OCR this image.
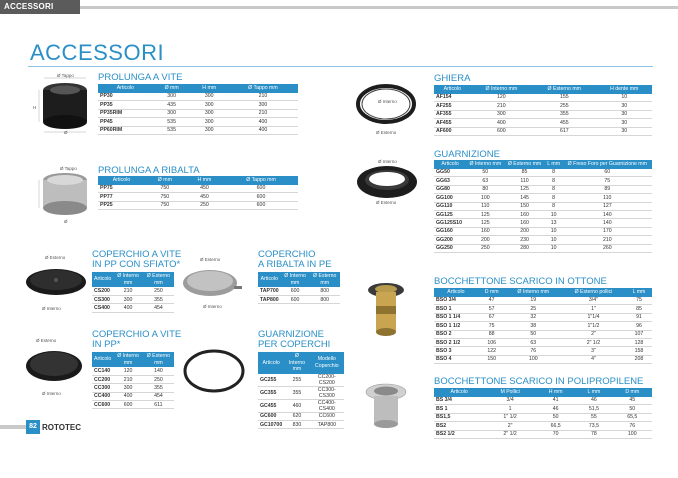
ACCESSORI
ACCESSORI
Ø Tappo
H
Ø
PROLUNGA A VITE
Articolo	Ø mm	H mm	Ø Tappo mm
PP30	300	300	210
PP35	435	300	300
PP35RIM	300	300	210
PP45	535	300	400
PP60RIM	535	300	400
Ø Tappo
Ø
PROLUNGA A RIBALTA
Articolo	Ø mm	H mm	Ø Tappo mm
PP75	750	450	600
PP77	750	450	600
PP25	750	250	600
Ø Esterno
Ø Interno
COPERCHIO A VITE
IN PP CON SFIATO*
Articolo	Ø Interno mm	Ø Esterno mm
CS200	210	250
CS300	300	355
CS400	400	454
Ø Esterno
Ø Interno
COPERCHIO
A RIBALTA IN PE
Articolo	Ø Interno mm	Ø Esterno mm
TAP700	600	800
TAP800	600	800
Ø Esterno
Ø Interno
COPERCHIO A VITE
IN PP*
Articolo	Ø Interno mm	Ø Esterno mm
CC140	120	140
CC200	210	250
CC300	300	355
CC400	400	454
CC600	600	611
GUARNIZIONE
PER COPERCHI
Articolo	Ø Interno mm	Modello Coperchio
GC255	255	CC200-CS200
GC355	355	CC300-CS300
GC455	460	CC400-CS400
GC600	620	CC600
GC10700	830	TAP800
Ø Interno
Ø Esterno
GHIERA
Articolo	Ø Interno mm	Ø Esterno mm	H dente mm
AF154	120	155	10
AF255	210	255	30
AF355	300	355	30
AF455	400	455	30
AF600	600	617	30
Ø Interno
Ø Esterno
GUARNIZIONE
Articolo	Ø Interno mm	Ø Esterno mm	L mm	Ø Freso Foro per Guarnizione mm
GG50	50	85	8	60
GG63	63	110	8	75
GG80	80	125	8	89
GG100	100	145	8	110
GG110	110	150	8	127
GG125	125	160	10	140
GG125S10	125	160	13	140
GG160	160	200	10	170
GG200	200	230	10	210
GG250	250	280	10	260
BOCCHETTONE SCARICO IN OTTONE
Articolo	D mm	Ø Interno mm	Ø Esterno pollici	L mm
BSO 3/4	47	19	3/4"	75
BSO 1	57	25	1"	85
BSO 1 1/4	67	32	1"1/4	91
BSO 1 1/2	75	38	1"1/2	96
BSO 2	88	50	2"	107
BSO 2 1/2	106	63	2" 1/2	128
BSO 3	122	76	3"	158
BSO 4	150	100	4"	208
BOCCHETTONE SCARICO IN POLIPROPILENE
Articolo	M Pollici	H mm	L mm	D mm
BS 3/4	3/4	41	46	45
BS 1	1	46	51,5	50
BS1,5	1" 1/2	50	55	65,5
BS2	2"	66,5	73,5	76
BS2 1/2	2" 1/2	70	78	100
82 ROTOTEC
